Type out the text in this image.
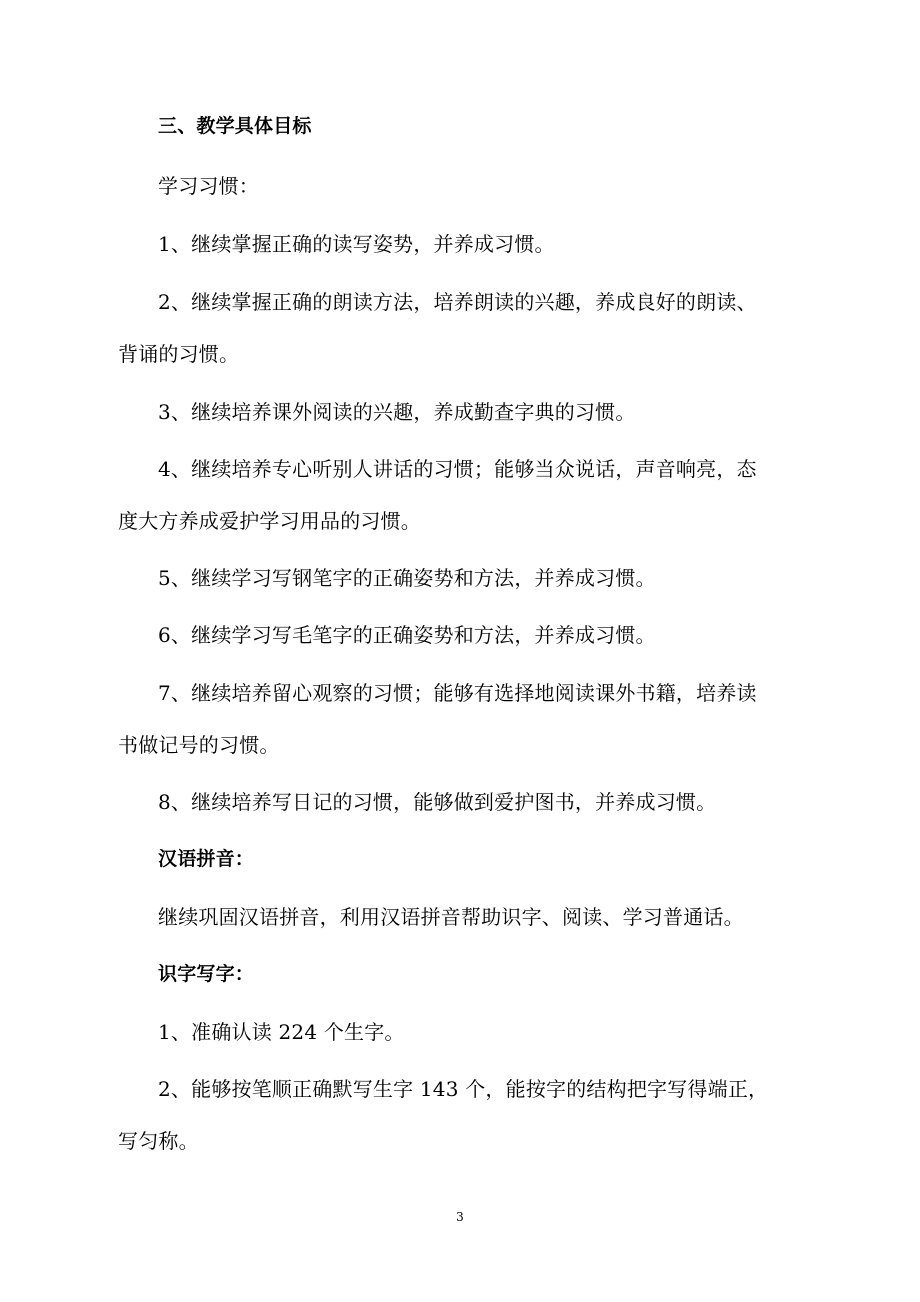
三、教学具体目标
学习习惯：
1、继续掌握正确的读写姿势，并养成习惯。
2、继续掌握正确的朗读方法，培养朗读的兴趣，养成良好的朗读、
背诵的习惯。
3、继续培养课外阅读的兴趣，养成勤查字典的习惯。
4、继续培养专心听别人讲话的习惯；能够当众说话，声音响亮，态
度大方养成爱护学习用品的习惯。
5、继续学习写钢笔字的正确姿势和方法，并养成习惯。
6、继续学习写毛笔字的正确姿势和方法，并养成习惯。
7、继续培养留心观察的习惯；能够有选择地阅读课外书籍，培养读
书做记号的习惯。
8、继续培养写日记的习惯，能够做到爱护图书，并养成习惯。
汉语拼音：
继续巩固汉语拼音，利用汉语拼音帮助识字、阅读、学习普通话。
识字写字：
1、准确认读 224 个生字。
2、能够按笔顺正确默写生字 143 个，能按字的结构把字写得端正，
写匀称。
3
